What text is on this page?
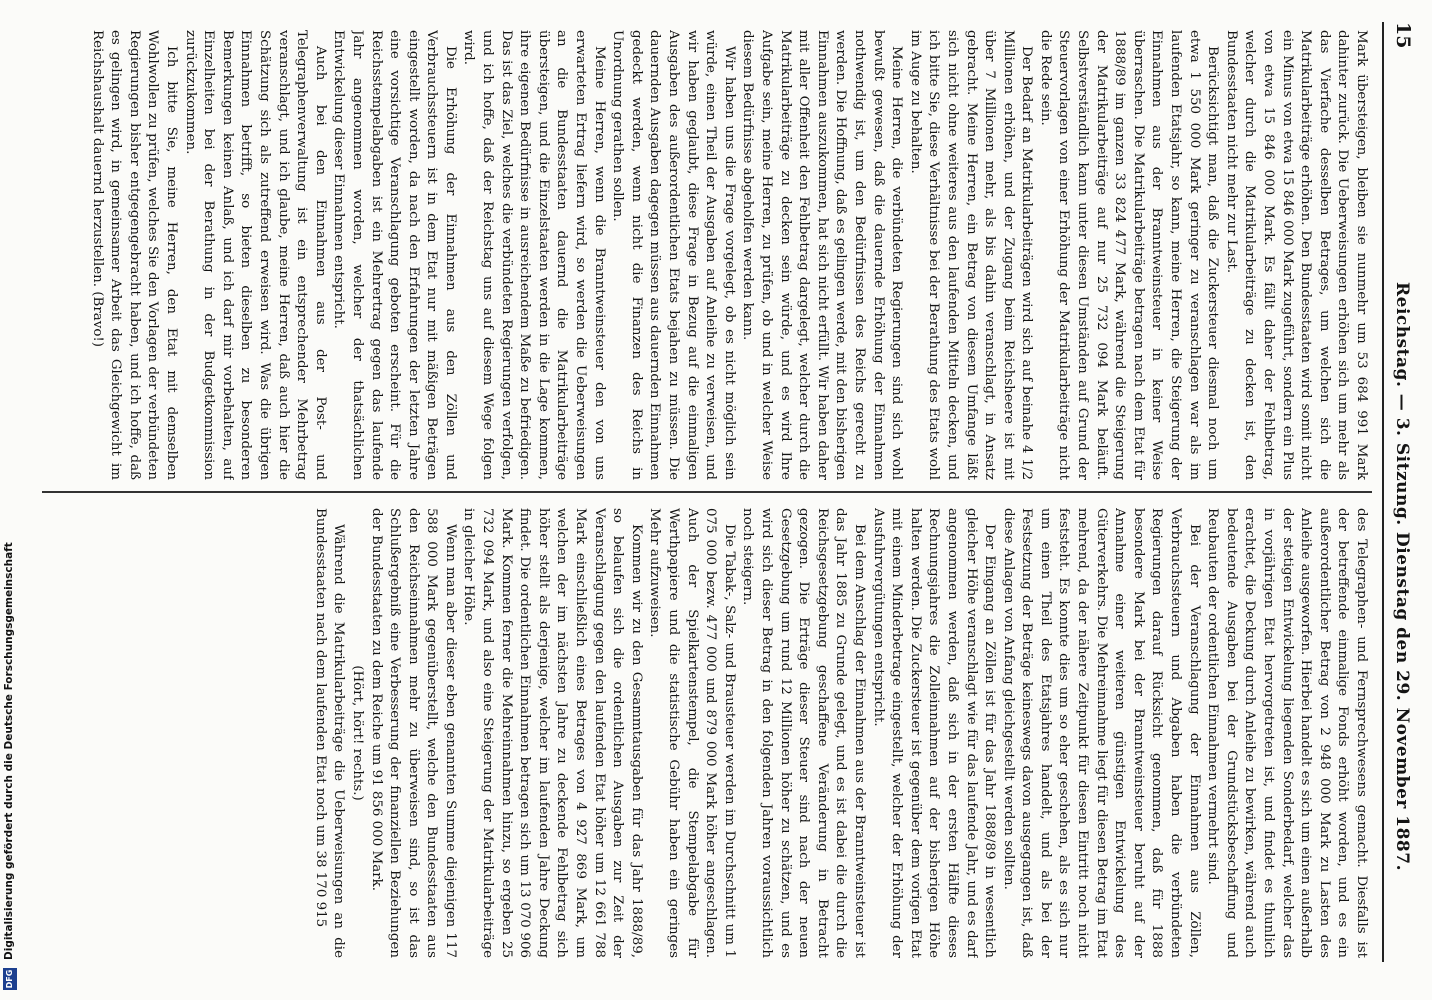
15
Reichstag. — 3. Sitzung. Dienstag den 29. November 1887.

Mark übersteigen, bleiben sie nunmehr um 53 684 991 Mark dahinter zurück. Die Ueberweisungen erhöhen sich um mehr als das Vierfache desselben Betrages, um welchen sich die Matrikularbeiträge erhöhen. Den Bundesstaaten wird somit nicht ein Minus von etwa 15 846 000 Mark zugeführt, sondern ein Plus von etwa 15 846 000 Mark. Es fällt daher der Fehlbetrag, welcher durch die Matrikularbeiträge zu decken ist, den Bundesstaaten nicht mehr zur Last.

Berücksichtigt man, daß die Zuckersteuer diesmal noch um etwa 1 550 000 Mark geringer zu veranschlagen war als im laufenden Etatsjahr, so kann, meine Herren, die Steigerung der Einnahmen aus der Branntweinsteuer in keiner Weise überraschen. Die Matrikularbeiträge betragen nach dem Etat für 1888/89 im ganzen 33 824 477 Mark, während die Steigerung der Matrikularbeiträge auf nur 25 732 094 Mark beläuft. Selbstverständlich kann unter diesen Umständen auf Grund der Steuervorlagen von einer Erhöhung der Matrikularbeiträge nicht die Rede sein.

Der Bedarf an Matrikularbeiträgen wird sich auf beinahe 4 1/2 Millionen erhöhen, und der Zugang beim Reichsheere ist mit über 7 Millionen mehr, als bis dahin veranschlagt, in Ansatz gebracht. Meine Herren, ein Betrag von diesem Umfange läßt sich nicht ohne weiteres aus den laufenden Mitteln decken, und ich bitte Sie, diese Verhältnisse bei der Berathung des Etats wohl im Auge zu behalten.

Meine Herren, die verbündeten Regierungen sind sich wohl bewußt gewesen, daß die dauernde Erhöhung der Einnahmen nothwendig ist, um den Bedürfnissen des Reichs gerecht zu werden. Die Hoffnung, daß es gelingen werde, mit den bisherigen Einnahmen auszukommen, hat sich nicht erfüllt. Wir haben daher mit aller Offenheit den Fehlbetrag dargelegt, welcher durch die Matrikularbeiträge zu decken sein würde, und es wird Ihre Aufgabe sein, meine Herren, zu prüfen, ob und in welcher Weise diesem Bedürfnisse abgeholfen werden kann.

Wir haben uns die Frage vorgelegt, ob es nicht möglich sein würde, einen Theil der Ausgaben auf Anleihe zu verweisen, und wir haben geglaubt, diese Frage in Bezug auf die einmaligen Ausgaben des außerordentlichen Etats bejahen zu müssen. Die dauernden Ausgaben dagegen müssen aus dauernden Einnahmen gedeckt werden, wenn nicht die Finanzen des Reichs in Unordnung gerathen sollen.

Meine Herren, wenn die Branntweinsteuer den von uns erwarteten Ertrag liefern wird, so werden die Ueberweisungen an die Bundesstaaten dauernd die Matrikularbeiträge übersteigen, und die Einzelstaaten werden in die Lage kommen, ihre eigenen Bedürfnisse in ausreichendem Maße zu befriedigen. Das ist das Ziel, welches die verbündeten Regierungen verfolgen, und ich hoffe, daß der Reichstag uns auf diesem Wege folgen wird.

Die Erhöhung der Einnahmen aus den Zöllen und Verbrauchssteuern ist in dem Etat nur mit mäßigen Beträgen eingestellt worden, da nach den Erfahrungen der letzten Jahre eine vorsichtige Veranschlagung geboten erscheint. Für die Reichsstempelabgaben ist ein Mehrertrag gegen das laufende Jahr angenommen worden, welcher der thatsächlichen Entwickelung dieser Einnahmen entspricht.

Auch bei den Einnahmen aus der Post- und Telegraphenverwaltung ist ein entsprechender Mehrbetrag veranschlagt, und ich glaube, meine Herren, daß auch hier die Schätzung sich als zutreffend erweisen wird. Was die übrigen Einnahmen betrifft, so bieten dieselben zu besonderen Bemerkungen keinen Anlaß, und ich darf mir vorbehalten, auf Einzelheiten bei der Berathung in der Budgetkommission zurückzukommen.

Ich bitte Sie, meine Herren, den Etat mit demselben Wohlwollen zu prüfen, welches Sie den Vorlagen der verbündeten Regierungen bisher entgegengebracht haben, und ich hoffe, daß es gelingen wird, in gemeinsamer Arbeit das Gleichgewicht im Reichshaushalt dauernd herzustellen. (Bravo!)

des Telegraphen- und Fernsprechwesens gemacht. Diesfalls ist der betreffende einmalige Fonds erhöht worden, und es ein außerordentlicher Betrag von 2 948 000 Mark zu Lasten des Anleihe ausgeworfen. Hierbei handelt es sich um einen außerhalb der stetigen Entwickelung liegenden Sonderbedarf, welcher das in vorjährigen Etat hervorgetreten ist, und findet es thunlich erachtet, die Deckung durch Anleihe zu bewirken, während auch bedeutende Ausgaben bei der Grundstücksbeschaffung und Reubauten der ordentlichen Einnahmen vermehrt sind.

Bei der Veranschlagung der Einnahmen aus Zöllen, Verbrauchssteuern und Abgaben haben die verbündeten Regierungen darauf Rücksicht genommen, daß für 1888 besondere Mark bei der Branntweinsteuer beruht auf der Annahme einer weiteren günstigen Entwickelung des Güterverkehrs. Die Mehreinnahme liegt für diesen Betrag im Etat mehrend, da der nähere Zeitpunkt für diesen Eintritt noch nicht feststeht. Es konnte dies um so eher geschehen, als es sich nur um einen Theil des Etatsjahres handelt, und als bei der Festsetzung der Beträge keineswegs davon ausgegangen ist, daß diese Anlagen von Anfang gleichgestellt werden sollten.

Der Eingang an Zöllen ist für das Jahr 1888/89 in wesentlich gleicher Höhe veranschlagt wie für das laufende Jahr, und es darf angenommen werden, daß sich in der ersten Hälfte dieses Rechnungsjahres die Zolleinnahmen auf der bisherigen Höhe halten werden. Die Zuckersteuer ist gegenüber dem vorigen Etat mit einem Minderbetrage eingestellt, welcher der Erhöhung der Ausfuhrvergütungen entspricht.

Bei dem Anschlag der Einnahmen aus der Branntweinsteuer ist das Jahr 1885 zu Grunde gelegt, und es ist dabei die durch die Reichsgesetzgebung geschaffene Veränderung in Betracht gezogen. Die Erträge dieser Steuer sind nach der neuen Gesetzgebung um rund 12 Millionen höher zu schätzen, und es wird sich dieser Betrag in den folgenden Jahren voraussichtlich noch steigern.

Die Tabak-, Salz- und Brausteuer werden im Durchschnitt um 1 075 000 bezw. 477 000 und 879 000 Mark höher angeschlagen. Auch der Spielkartenstempel, die Stempelabgabe für Werthpapiere und die statistische Gebühr haben ein geringes Mehr aufzuweisen.

Kommen wir zu den Gesammtausgaben für das Jahr 1888/89, so belaufen sich die ordentlichen Ausgaben zur Zeit der Veranschlagung gegen den laufenden Etat höher um 12 661 788 Mark einschließlich eines Betrages von 4 927 869 Mark, um welchen der im nächsten Jahre zu deckende Fehlbetrag sich höher stellt als derjenige, welcher im laufenden Jahre Deckung findet. Die ordentlichen Einnahmen betragen sich um 13 070 906 Mark. Kommen ferner die Mehreinnahmen hinzu, so ergeben 25 732 094 Mark, und also eine Steigerung der Matrikularbeiträge in gleicher Höhe.

Wenn man aber dieser eben genannten Summe diejenigen 117 588 000 Mark gegenüberstellt, welche den Bundesstaaten aus den Reichseinnahmen mehr zu überweisen sind, so ist das Schlußergebniß eine Verbesserung der finanziellen Beziehungen der Bundesstaaten zu dem Reiche um 91 856 000 Mark.

(Hört, hört! rechts.)

Während die Matrikularbeiträge die Ueberweisungen an die Bundesstaaten nach dem laufenden Etat noch um 38 170 915

DFG
Digitalisierung gefördert durch die Deutsche Forschungsgemeinschaft
